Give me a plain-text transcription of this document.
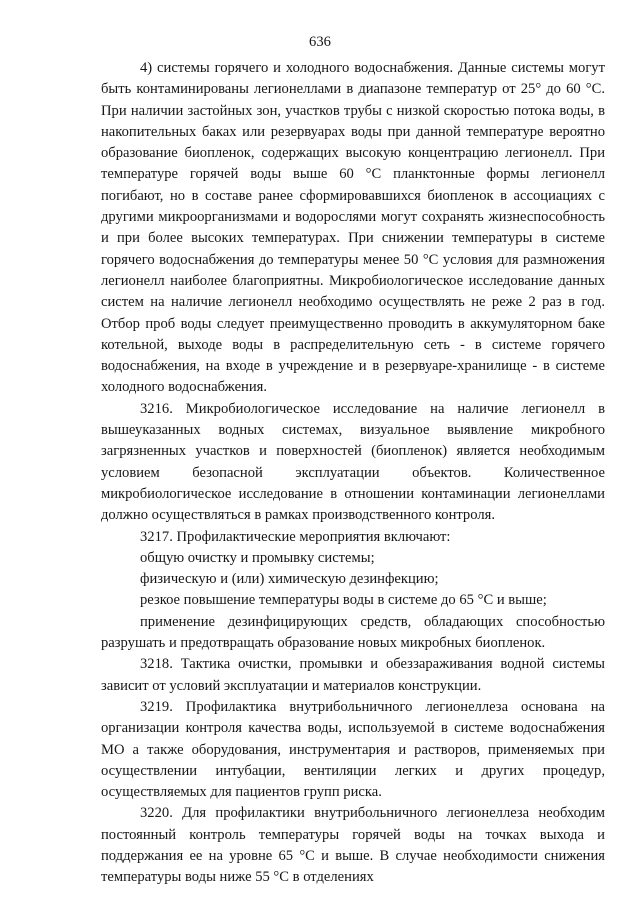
636

4) системы горячего и холодного водоснабжения. Данные системы могут быть контаминированы легионеллами в диапазоне температур от 25° до 60 °С. При наличии застойных зон, участков трубы с низкой скоростью потока воды, в накопительных баках или резервуарах воды при данной температуре вероятно образование биопленок, содержащих высокую концентрацию легионелл. При температуре горячей воды выше 60 °С планктонные формы легионелл погибают, но в составе ранее сформировавшихся биопленок в ассоциациях с другими микроорганизмами и водорослями могут сохранять жизнеспособность и при более высоких температурах. При снижении температуры в системе горячего водоснабжения до температуры менее 50 °С условия для размножения легионелл наиболее благоприятны. Микробиологическое исследование данных систем на наличие легионелл необходимо осуществлять не реже 2 раз в год. Отбор проб воды следует преимущественно проводить в аккумуляторном баке котельной, выходе воды в распределительную сеть - в системе горячего водоснабжения, на входе в учреждение и в резервуаре-хранилище - в системе холодного водоснабжения.

3216. Микробиологическое исследование на наличие легионелл в вышеуказанных водных системах, визуальное выявление микробного загрязненных участков и поверхностей (биопленок) является необходимым условием безопасной эксплуатации объектов. Количественное микробиологическое исследование в отношении контаминации легионеллами должно осуществляться в рамках производственного контроля.

3217. Профилактические мероприятия включают:

общую очистку и промывку системы;

физическую и (или) химическую дезинфекцию;

резкое повышение температуры воды в системе до 65 °С и выше;

применение дезинфицирующих средств, обладающих способностью разрушать и предотвращать образование новых микробных биопленок.

3218. Тактика очистки, промывки и обеззараживания водной системы зависит от условий эксплуатации и материалов конструкции.

3219. Профилактика внутрибольничного легионеллеза основана на организации контроля качества воды, используемой в системе водоснабжения МО а также оборудования, инструментария и растворов, применяемых при осуществлении интубации, вентиляции легких и других процедур, осуществляемых для пациентов групп риска.

3220. Для профилактики внутрибольничного легионеллеза необходим постоянный контроль температуры горячей воды на точках выхода и поддержания ее на уровне 65 °С и выше. В случае необходимости снижения температуры воды ниже 55 °С в отделениях
